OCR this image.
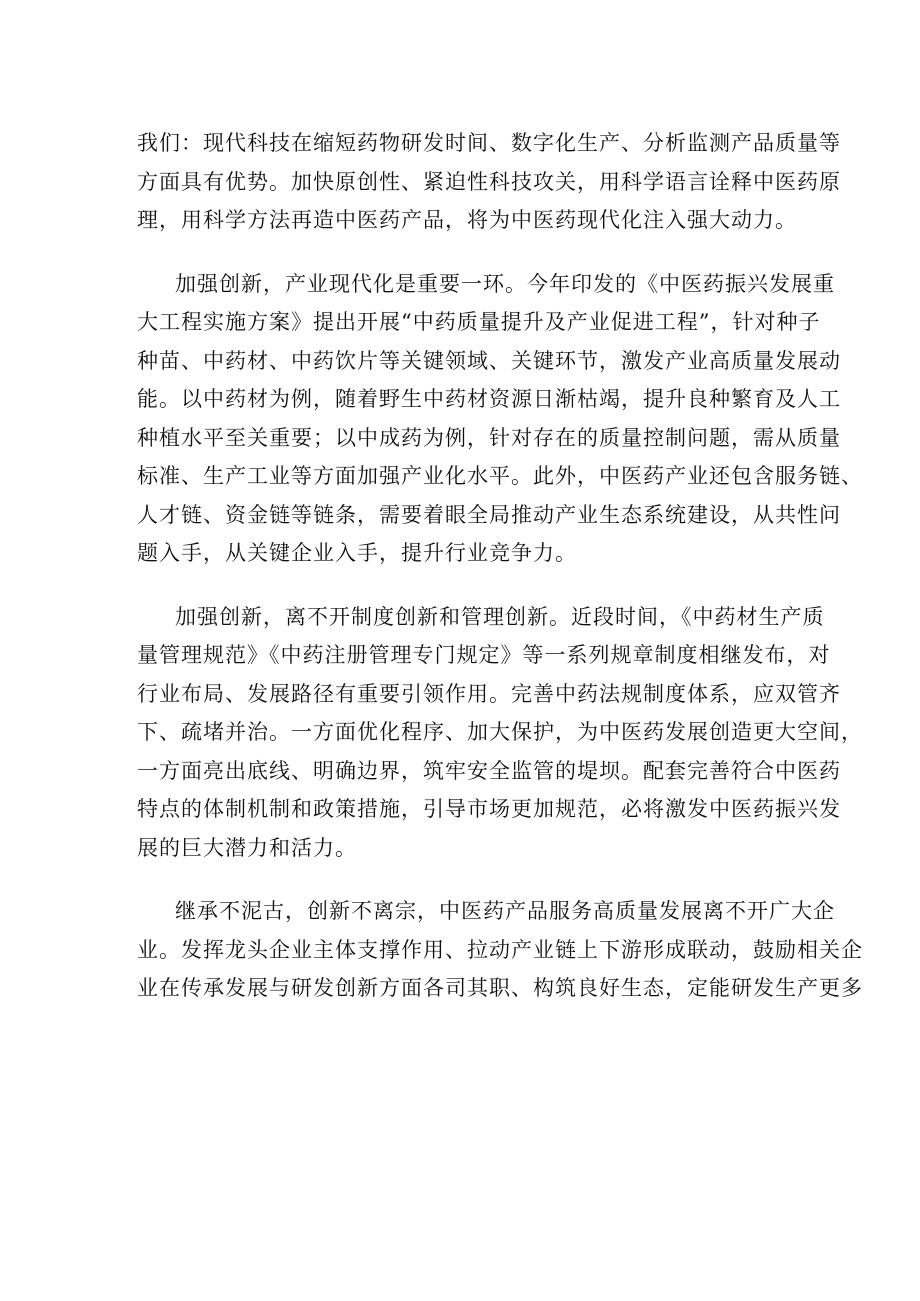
我们：现代科技在缩短药物研发时间、数字化生产、分析监测产品质量等
方面具有优势。加快原创性、紧迫性科技攻关，用科学语言诠释中医药原
理，用科学方法再造中医药产品，将为中医药现代化注入强大动力。
加强创新，产业现代化是重要一环。今年印发的《中医药振兴发展重
大工程实施方案》提出开展“中药质量提升及产业促进工程”，针对种子
种苗、中药材、中药饮片等关键领域、关键环节，激发产业高质量发展动
能。以中药材为例，随着野生中药材资源日渐枯竭，提升良种繁育及人工
种植水平至关重要；以中成药为例，针对存在的质量控制问题，需从质量
标准、生产工业等方面加强产业化水平。此外，中医药产业还包含服务链、
人才链、资金链等链条，需要着眼全局推动产业生态系统建设，从共性问
题入手，从关键企业入手，提升行业竞争力。
加强创新，离不开制度创新和管理创新。近段时间，《中药材生产质
量管理规范》《中药注册管理专门规定》等一系列规章制度相继发布，对
行业布局、发展路径有重要引领作用。完善中药法规制度体系，应双管齐
下、疏堵并治。一方面优化程序、加大保护，为中医药发展创造更大空间，
一方面亮出底线、明确边界，筑牢安全监管的堤坝。配套完善符合中医药
特点的体制机制和政策措施，引导市场更加规范，必将激发中医药振兴发
展的巨大潜力和活力。
继承不泥古，创新不离宗，中医药产品服务高质量发展离不开广大企
业。发挥龙头企业主体支撑作用、拉动产业链上下游形成联动，鼓励相关企
业在传承发展与研发创新方面各司其职、构筑良好生态，定能研发生产更多
